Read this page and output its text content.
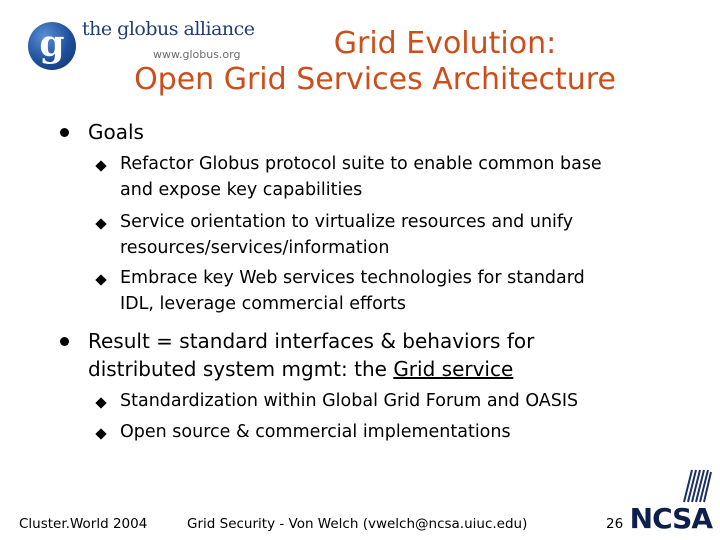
g the globus alliance
www.globus.org	Grid Evolution:
Open Grid Services Architecture
Goals
Refactor Globus protocol suite to enable common base
and expose key capabilities
Service orientation to virtualize resources and unify
resources/services/information
Embrace key Web services technologies for standard
IDL, leverage commercial efforts
Result = standard interfaces & behaviors for
distributed system mgmt: the Grid service
Standardization within Global Grid Forum and OASIS
Open source & commercial implementations
Cluster.World 2004	Grid Security - Von Welch (vwelch@ncsa.uiuc.edu)	26 NCSA
